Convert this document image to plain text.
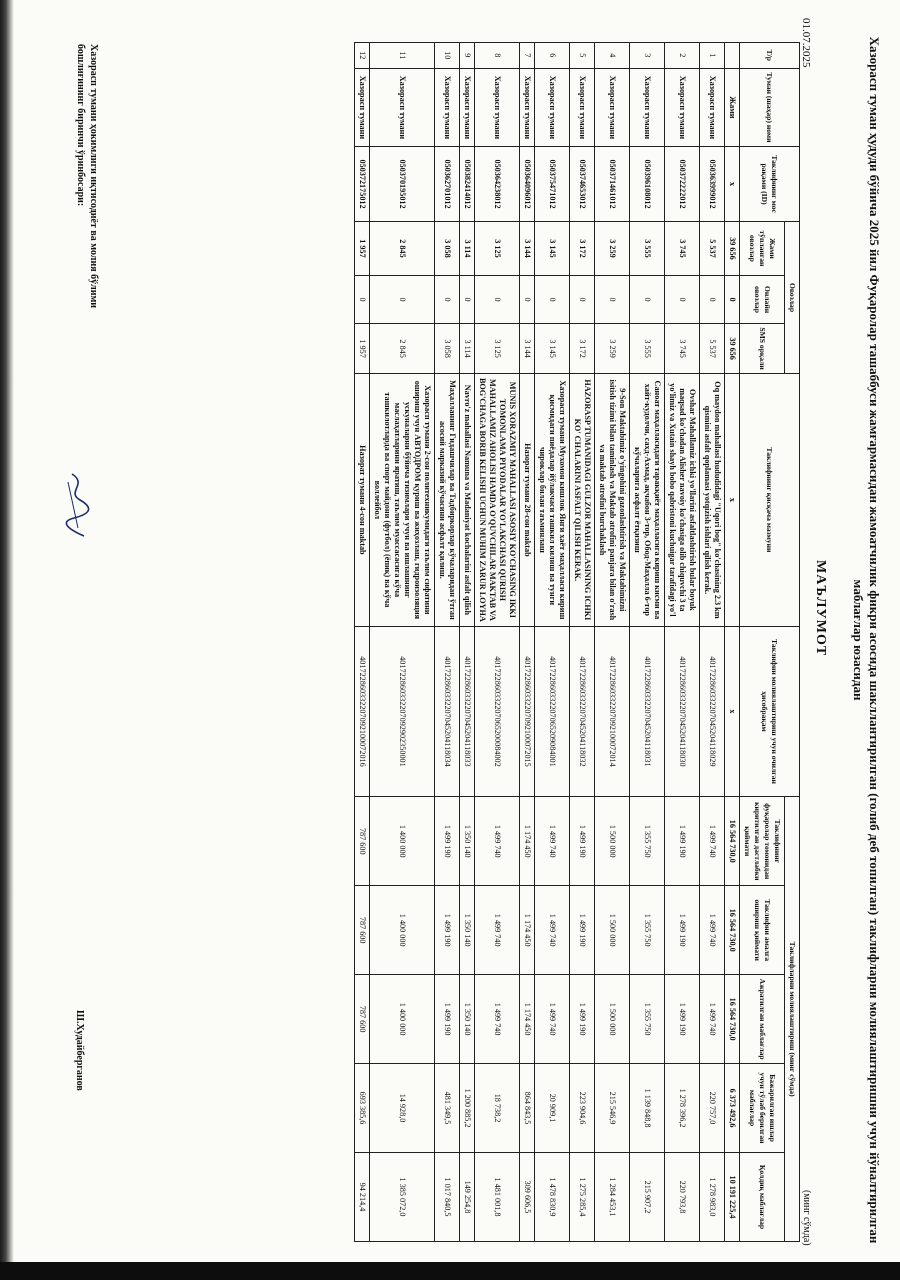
Хазорасп туман ҳудуди бўйича 2025 йил Фуқаролар ташаббуси жамғармасидан жамоатчилик фикри асосида шакллантирилган (голиб деб топилган) таклифларни молиялаштиришни учун йўналтирилган маблағлар юзасидан
МАЪЛУМОТ
01.07.2025
(минг сўмда)
Т/р	Туман (шаҳар) номи	Таклифнинг мос рақами (ID)	Овозлар			Таклифнинг қисқача мазмуни	Таклифни молиялаштириш учун очилган ҳисобрақам	Таклифларни молиялаштириш (минг сўмда)				
			Жами тўпланган овозлар	Онлайн овозлар	SMS орқали			Таклифнинг фуқаролар томонидан киритилган дастлабки қиймати	Таклифни амалга ошириш қиймати	Ажратилган маблағлар	Бажарилган ишлар учун тўлаб берилган маблағлар	Қолдиқ маблағлар
	Жами	x	39 656	0	39 656	x	x	16 564 730,0	16 564 730,0	16 564 730,0	6 373 492,6	10 191 225,4
1	Хазорасп тумани	050363999012	5 537	0	5 537	Oq maydon mahallasi hududidagi "Uqori bog" ko'chasining 2.3 km qismini asfalt qoplamasi yotqizish ishlari qilish kerak.	401722860332207045204118029	1 499 740	1 499 740	1 499 740	220 757,0	1 278 983,0
2	Хазорасп тумани	050372222012	3 745	0	3 745	Ovshar Mahallamiz ichki yo'llarini asfaltlashtirish bular boyuk maqsad ko'chadan Alisher navoiy ko'chasiga olib chiquvchi 3 ta yo'limiz va Xutain shayh bobo qabristoni kuchuigar tarafidagi yo'l	401722860332207045204118030	1 499 190	1 499 190	1 499 190	1 278 396,2	220 793,8
3	Хазорасп тумани	050396108012	3 555	0	3 555	Саноат маҳалласидаги таракқиёт маҳалласига кириш кисми ва хайт-кудолчи, сахд-Ахмад, ақчабон 3-тор, Обод-Маҳалла 6-тор кўчаларига асфалт ётқизиш	401722860332207045204118031	1 355 750	1 355 750	1 355 750	1 139 848,8	215 907,2
4	Хазорасп тумани	050371461012	3 259	0	3 259	9-Son Maktabimiz o'yingohini gazonlashtirish va Maktabimizni isitish tizimi bilan taminlash va Maktab atrofini panjara bilan o'rash va maktab atrofini burchaklash	401722860332207092100072014	1 500 000	1 500 000	1 500 000	215 546,9	1 284 453,1
5	Хазорасп тумани	050374653012	3 172	0	3 172	HAZORASP TUMANIDAGI GULZOR MAHALLASINING ICHKI KO' CHALARINI ASFALT QILISH KERAK.	401722860332207045204118032	1 499 190	1 499 190	1 499 190	223 904,6	1 275 285,4
6	Хазорасп тумани	050375471012	3 145	0	3 145	Хазорасп тумани Мухомон кишлок Янги хаёт маҳалласи кириш қисмидаги пиёдалар йўлакчаси ташкил килиш ва тунги чироклар билан таъминлаш	401722860332207065209084001	1 499 740	1 499 740	1 499 740	20 909,1	1 478 830,9
7	Хазорасп тумани	050364096012	3 144	0	3 144	Назорат тумани 28-сон maktab	401722860332207092100072015	1 174 450	1 174 450	1 174 450	864 843,5	309 606,5
8	Хазорасп тумани	050364238012	3 125	0	3 125	MUNIS XORAZMIY MAHALLASI ASOSIY KO'CHASING IKKI TOMONLAMA PIYODALAR YO'LAKCHASI QURISH MAHALLAMIZ AHOLISI HAMDA O'QUVCHILAR MAKTAB VA BOG'CHAGA BORIB KELISHI UCHUN MUHIM ZARUR LOYHA	401722860332207065200084002	1 499 740	1 499 740	1 499 740	18 738,2	1 481 001,8
9	Хазорасп тумани	050382414012	3 114	0	3 114	Navro'z mahallasi Namuna va Madaniyat kochalarini asfalt qilish	401722860332207045204118033	1 350 140	1 350 140	1 350 140	1 200 885,2	149 254,8
10	Хазорасп тумани	050362701012	3 058	0	3 058	Маҳалланинг Гидашчилар ва Тадбиркорлар кўчаларидан ўтган асосий марказий кўчасини асфалт қилиш.	401722860332207045204118034	1 499 190	1 499 190	1 499 190	481 349,5	1 017 840,5
11	Хазорасп тумани	050370195012	2 845	0	2 845	Хазорасп тумани 2-сон политехникумидаги таълим сифатини ошириш учун АВТОДРОМ қуриш ва жиҳозлаш, гидроизоляция ускуналарни бўйича тизимлари учун ва ишлашнинг маслаҳатларини яратиш, таълим муассасасига кўча ташкилотларда ва спорт майдони (футбол) (ёпиқ) ва кўча воллейбол	401722860332207092902350001	1 400 000	1 400 000	1 400 000	14 928,0	1 385 072,0
12	Хазорасп тумани	050372175012	1 957	0	1 957	Назорат тумани 4-сон maktab	401722860332207092100072016	787 600	787 600	787 600	693 385,6	94 214,4
Хазорасп тумани ҳокимлиги иқтисодиёт ва молия бўлими бошлиғининг биринчи ўринбосари:
Ш.Худайберганов
